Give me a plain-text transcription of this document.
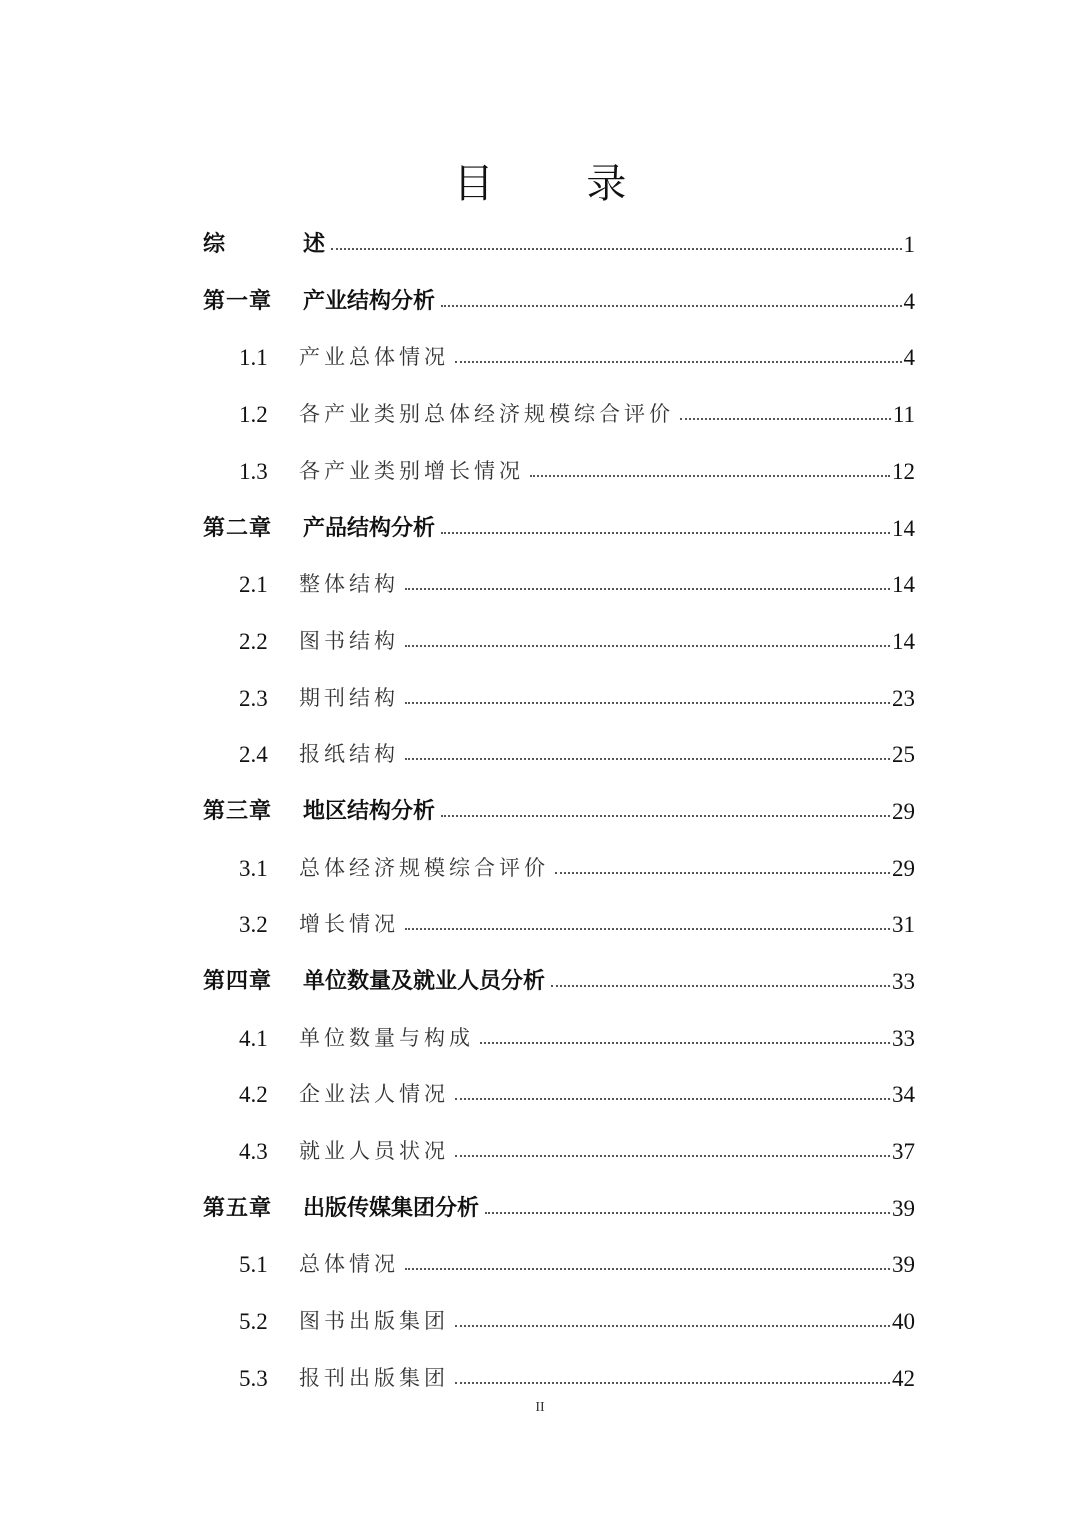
目 录
综	述	1
第一章	产业结构分析	4
1.1	产业总体情况	4
1.2	各产业类别总体经济规模综合评价	11
1.3	各产业类别增长情况	12
第二章	产品结构分析	14
2.1	整体结构	14
2.2	图书结构	14
2.3	期刊结构	23
2.4	报纸结构	25
第三章	地区结构分析	29
3.1	总体经济规模综合评价	29
3.2	增长情况	31
第四章	单位数量及就业人员分析	33
4.1	单位数量与构成	33
4.2	企业法人情况	34
4.3	就业人员状况	37
第五章	出版传媒集团分析	39
5.1	总体情况	39
5.2	图书出版集团	40
5.3	报刊出版集团	42
II
